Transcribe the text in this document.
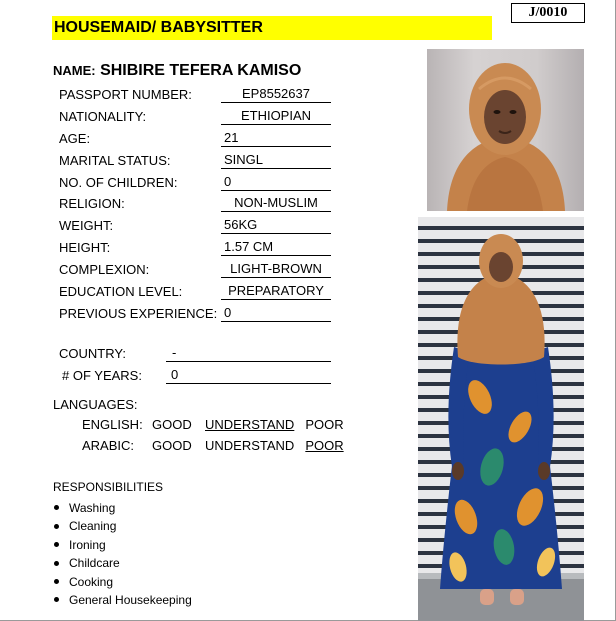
J/0010
HOUSEMAID/ BABYSITTER
NAME: SHIBIRE TEFERA KAMISO
PASSPORT NUMBER:	EP8552637
NATIONALITY:	ETHIOPIAN
AGE:	21
MARITAL STATUS:	SINGL
NO. OF CHILDREN:	0
RELIGION:	NON-MUSLIM
WEIGHT:	56KG
HEIGHT:	1.57 CM
COMPLEXION:	LIGHT-BROWN
EDUCATION LEVEL:	PREPARATORY
PREVIOUS EXPERIENCE: 0
COUNTRY:	-
# OF YEARS:	0
LANGUAGES:
ENGLISH: GOOD UNDERSTAND POOR
ARABIC: GOOD UNDERSTAND POOR
RESPONSIBILITIES
Washing
Cleaning
Ironing
Childcare
Cooking
General Housekeeping
